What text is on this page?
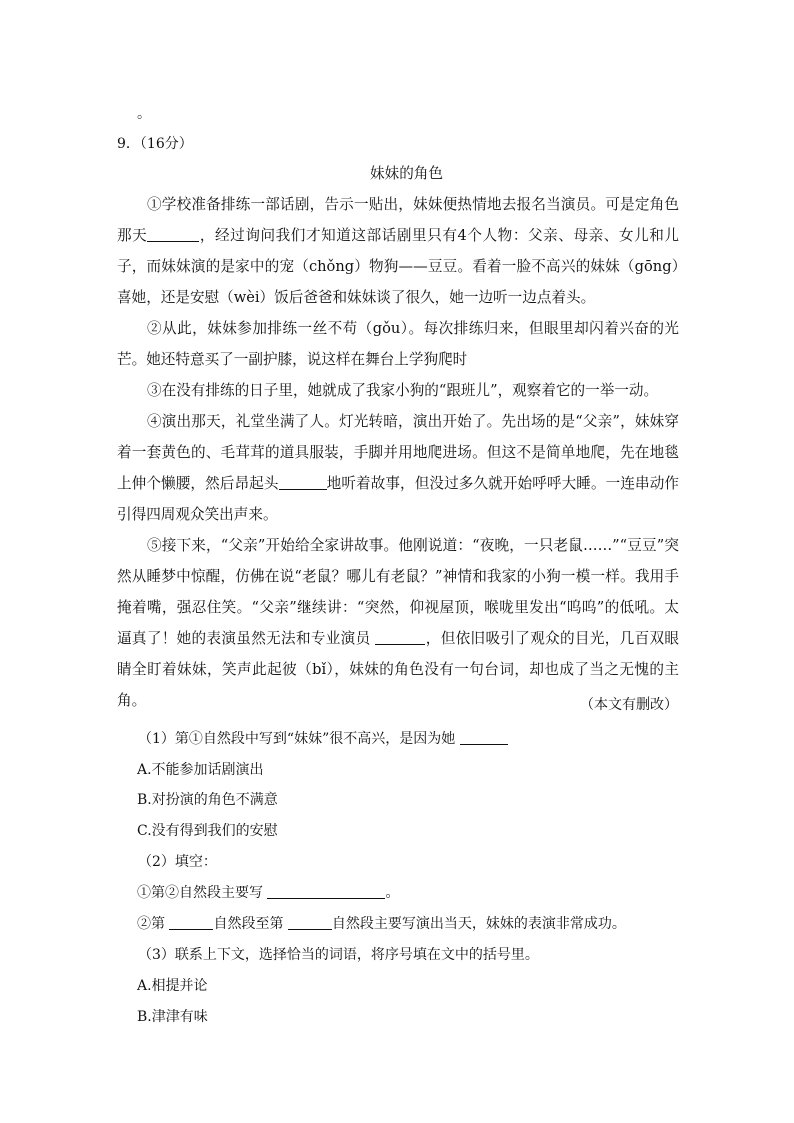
。
9．（16分）
妹妹的角色

①学校准备排练一部话剧，告示一贴出，妹妹便热情地去报名当演员。可是定角色那天	，经过询问我们才知道这部话剧里只有4个人物：父亲、母亲、女儿和儿子，而妹妹演的是家中的宠（chǒng）物狗——豆豆。看着一脸不高兴的妹妹（gōng）喜她，还是安慰（wèi）饭后爸爸和妹妹谈了很久，她一边听一边点着头。

②从此，妹妹参加排练一丝不苟（gǒu）。每次排练归来，但眼里却闪着兴奋的光芒。她还特意买了一副护膝，说这样在舞台上学狗爬时

③在没有排练的日子里，她就成了我家小狗的“跟班儿”，观察着它的一举一动。

④演出那天，礼堂坐满了人。灯光转暗，演出开始了。先出场的是“父亲”，妹妹穿着一套黄色的、毛茸茸的道具服装，手脚并用地爬进场。但这不是简单地爬，先在地毯上伸个懒腰，然后昂起头	地听着故事，但没过多久就开始呼呼大睡。一连串动作引得四周观众笑出声来。

⑤接下来，“父亲”开始给全家讲故事。他刚说道：“夜晚，一只老鼠……”“豆豆”突然从睡梦中惊醒，仿佛在说“老鼠？哪儿有老鼠？”神情和我家的小狗一模一样。我用手掩着嘴，强忍住笑。“父亲”继续讲：“突然，仰视屋顶，喉咙里发出“呜呜”的低吼。太逼真了！她的表演虽然无法和专业演员	，但依旧吸引了观众的目光，几百双眼睛全盯着妹妹，笑声此起彼（bǐ），妹妹的角色没有一句台词，却也成了当之无愧的主角。	（本文有删改）
（1）第①自然段中写到“妹妹”很不高兴，是因为她
A.不能参加话剧演出
B.对扮演的角色不满意
C.没有得到我们的安慰
（2）填空：
①第②自然段主要写	。
②第	自然段至第	自然段主要写演出当天，妹妹的表演非常成功。
（3）联系上下文，选择恰当的词语，将序号填在文中的括号里。
A.相提并论
B.津津有味
